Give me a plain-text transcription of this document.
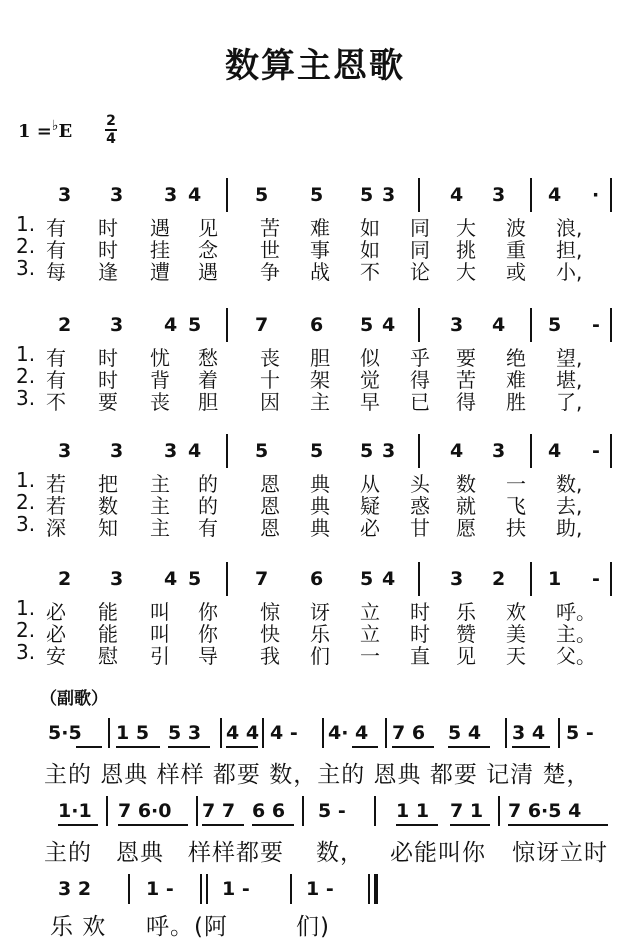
数算主恩歌
1 =♭E 2
4
3 3 3 4	5 5 5 3	4 3 4 ·
1. 有 时 遇 见 苦 难 如 同 大 波 浪,
2. 有 时 挂 念 世 事 如 同 挑 重 担,
3. 每 逢 遭 遇 争 战 不 论 大 或 小,
2 3 4 5	7 6 5 4	3 4 5 -
1. 有 时 忧 愁 丧 胆 似 乎 要 绝 望,
2. 有 时 背 着 十 架 觉 得 苦 难 堪,
3. 不 要 丧 胆 因 主 早 已 得 胜 了,
3 3 3 4	5 5 5 3	4 3 4 -
1. 若 把 主 的 恩 典 从 头 数 一 数,
2. 若 数 主 的 恩 典 疑 惑 就 飞 去,
3. 深 知 主 有 恩 典 必 甘 愿 扶 助,
2 3 4 5	7 6 5 4	3 2 1 -
1. 必 能 叫 你 惊 讶 立 时 乐 欢 呼。
2. 必 能 叫 你 快 乐 立 时 赞 美 主。
3. 安 慰 引 导 我 们 一 直 见 天 父。
（副歌）
5·5 1 5 5 3 4 4 4 - 4· 4 7 6 5 4 3 4 5 -
主的 恩典 样样 都要 数，主的 恩典 都要 记清 楚，
1·1 7 6·0 7 7 6 6 5 -	1 1 7 1 7 6·5 4
主的 恩典 样样都要 数， 必能叫你 惊讶立时
3 2	1 -	1 -	1 -
乐 欢 呼。(阿	们)
